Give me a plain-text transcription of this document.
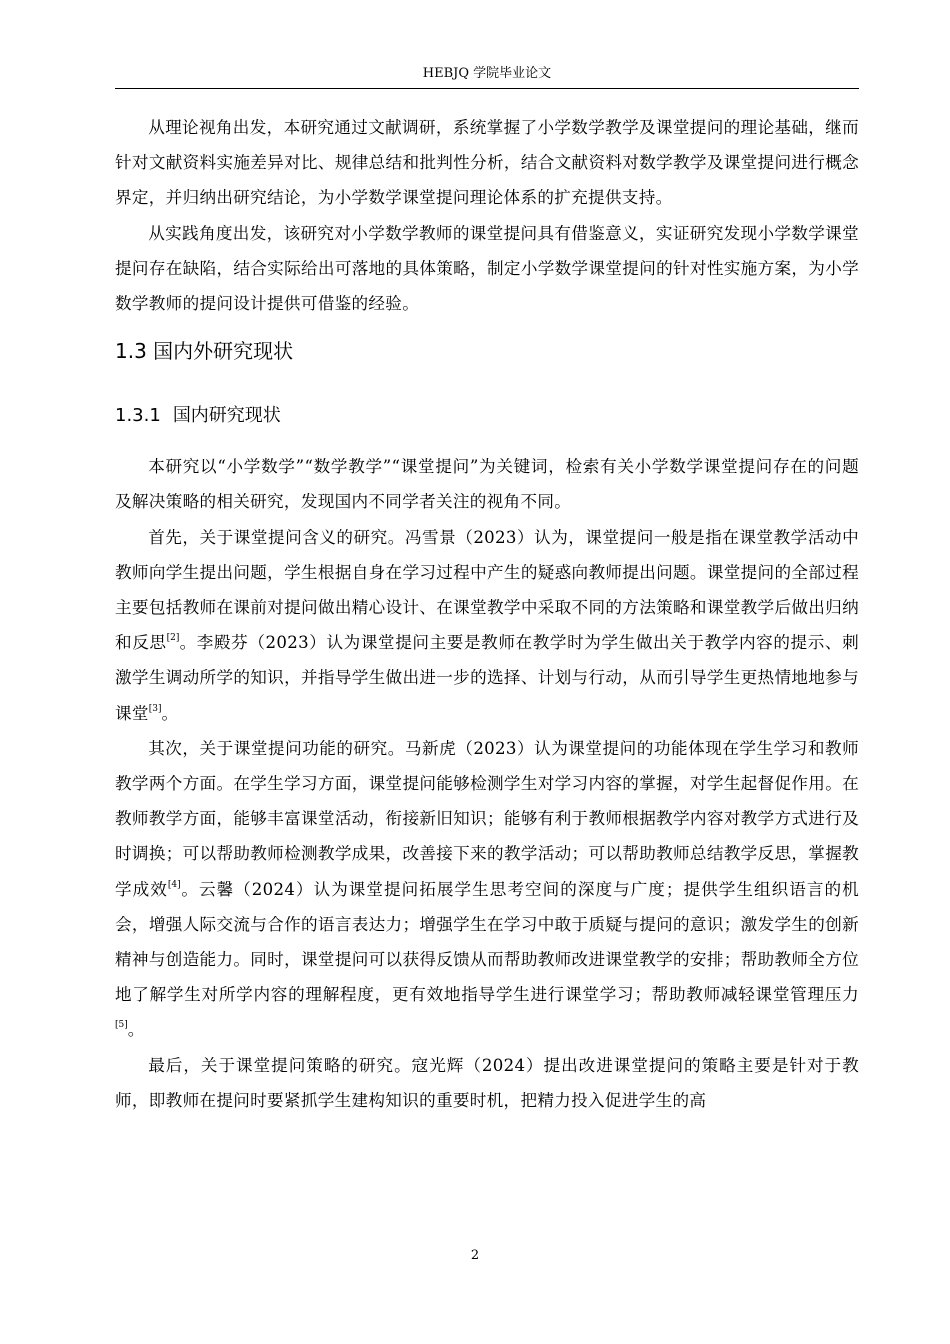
HEBJQ 学院毕业论文

从理论视角出发，本研究通过文献调研，系统掌握了小学数学教学及课堂提问的理论基础，继而针对文献资料实施差异对比、规律总结和批判性分析，结合文献资料对数学教学及课堂提问进行概念界定，并归纳出研究结论，为小学数学课堂提问理论体系的扩充提供支持。

从实践角度出发，该研究对小学数学教师的课堂提问具有借鉴意义，实证研究发现小学数学课堂提问存在缺陷，结合实际给出可落地的具体策略，制定小学数学课堂提问的针对性实施方案，为小学数学教师的提问设计提供可借鉴的经验。

1.3 国内外研究现状
1.3.1 国内研究现状

本研究以“小学数学”“数学教学”“课堂提问”为关键词，检索有关小学数学课堂提问存在的问题及解决策略的相关研究，发现国内不同学者关注的视角不同。

首先，关于课堂提问含义的研究。冯雪景（2023）认为，课堂提问一般是指在课堂教学活动中教师向学生提出问题，学生根据自身在学习过程中产生的疑惑向教师提出问题。课堂提问的全部过程主要包括教师在课前对提问做出精心设计、在课堂教学中采取不同的方法策略和课堂教学后做出归纳和反思[2]。李殿芬（2023）认为课堂提问主要是教师在教学时为学生做出关于教学内容的提示、刺激学生调动所学的知识，并指导学生做出进一步的选择、计划与行动，从而引导学生更热情地地参与课堂[3]。

其次，关于课堂提问功能的研究。马新虎（2023）认为课堂提问的功能体现在学生学习和教师教学两个方面。在学生学习方面，课堂提问能够检测学生对学习内容的掌握，对学生起督促作用。在教师教学方面，能够丰富课堂活动，衔接新旧知识；能够有利于教师根据教学内容对教学方式进行及时调换；可以帮助教师检测教学成果，改善接下来的教学活动；可以帮助教师总结教学反思，掌握教学成效[4]。云馨（2024）认为课堂提问拓展学生思考空间的深度与广度；提供学生组织语言的机会，增强人际交流与合作的语言表达力；增强学生在学习中敢于质疑与提问的意识；激发学生的创新精神与创造能力。同时，课堂提问可以获得反馈从而帮助教师改进课堂教学的安排；帮助教师全方位地了解学生对所学内容的理解程度，更有效地指导学生进行课堂学习；帮助教师减轻课堂管理压力[5]。

最后，关于课堂提问策略的研究。寇光辉（2024）提出改进课堂提问的策略主要是针对于教师，即教师在提问时要紧抓学生建构知识的重要时机，把精力投入促进学生的高

2
